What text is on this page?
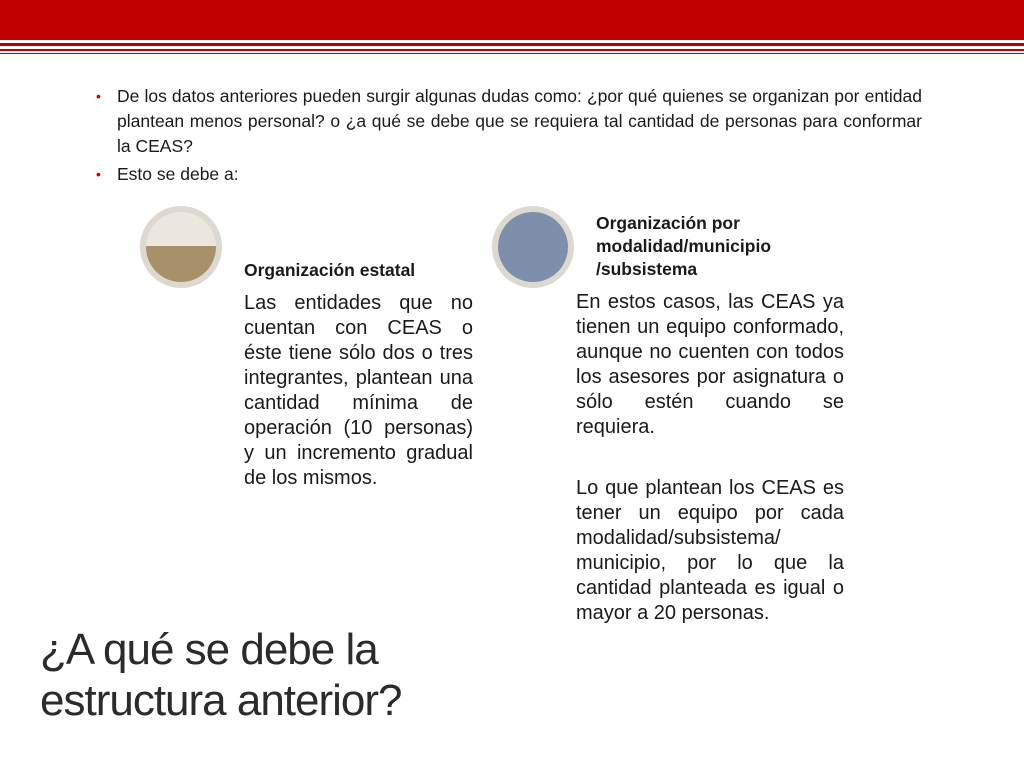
• De los datos anteriores pueden surgir algunas dudas como: ¿por qué quienes se organizan por entidad plantean menos personal? o ¿a qué se debe que se requiera tal cantidad de personas para conformar la CEAS?
• Esto se debe a:
Organización estatal

Las entidades que no cuentan con CEAS o éste tiene sólo dos o tres integrantes, plantean una cantidad mínima de operación (10 personas) y un incremento gradual de los mismos.

Organización por modalidad/municipio /subsistema

En estos casos, las CEAS ya tienen un equipo conformado, aunque no cuenten con todos los asesores por asignatura o sólo estén cuando se requiera.

Lo que plantean los CEAS es tener un equipo por cada modalidad/subsistema/ municipio, por lo que la cantidad planteada es igual o mayor a 20 personas.

¿A qué se debe la estructura anterior?
